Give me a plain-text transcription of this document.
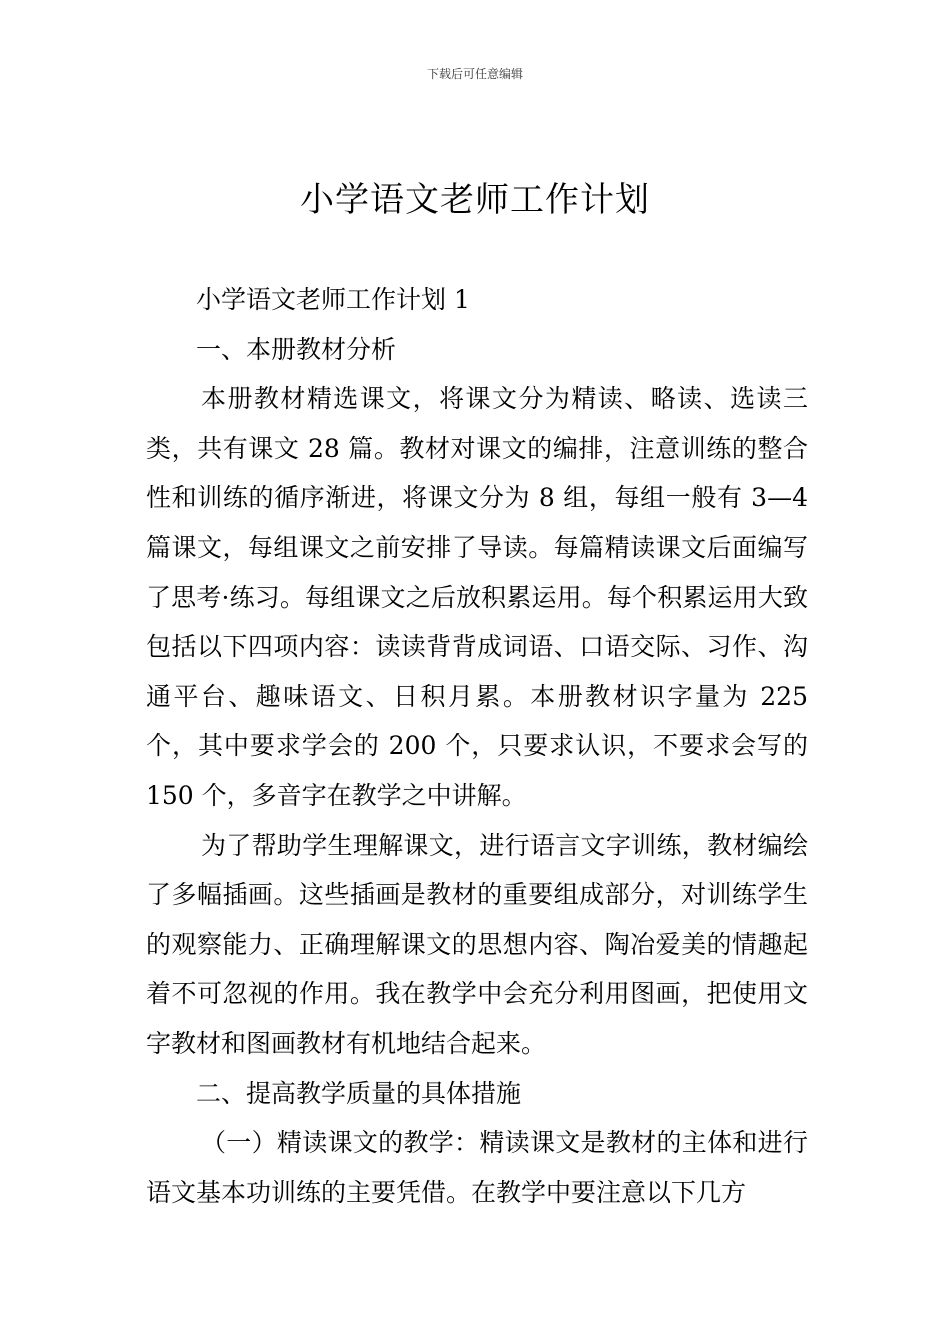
下载后可任意编辑
小学语文老师工作计划

小学语文老师工作计划 1

一、本册教材分析

本册教材精选课文，将课文分为精读、略读、选读三类，共有课文 28 篇。教材对课文的编排，注意训练的整合性和训练的循序渐进，将课文分为 8 组，每组一般有 3—4 篇课文，每组课文之前安排了导读。每篇精读课文后面编写了思考·练习。每组课文之后放积累运用。每个积累运用大致包括以下四项内容：读读背背成词语、口语交际、习作、沟通平台、趣味语文、日积月累。本册教材识字量为 225 个，其中要求学会的 200 个，只要求认识，不要求会写的 150 个，多音字在教学之中讲解。

为了帮助学生理解课文，进行语言文字训练，教材编绘了多幅插画。这些插画是教材的重要组成部分，对训练学生的观察能力、正确理解课文的思想内容、陶冶爱美的情趣起着不可忽视的作用。我在教学中会充分利用图画，把使用文字教材和图画教材有机地结合起来。

二、提高教学质量的具体措施

（一）精读课文的教学：精读课文是教材的主体和进行语文基本功训练的主要凭借。在教学中要注意以下几方
